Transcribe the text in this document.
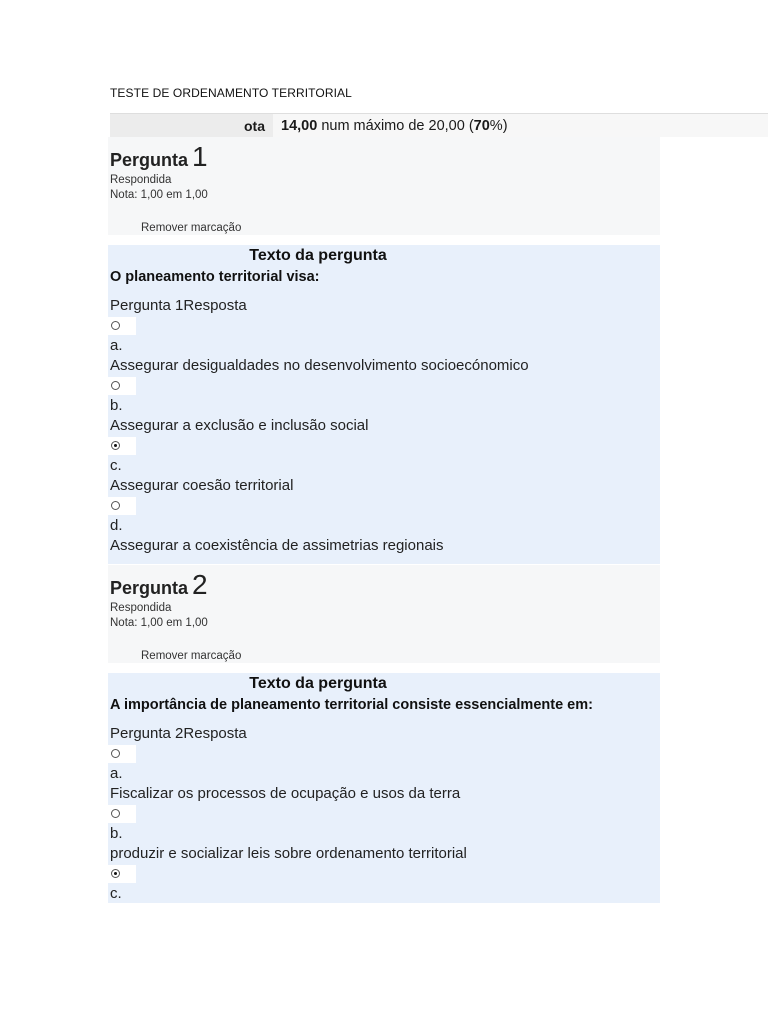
TESTE DE ORDENAMENTO TERRITORIAL
ota	14,00 num máximo de 20,00 (70%)
Pergunta 1
Respondida
Nota: 1,00 em 1,00
Remover marcação
Texto da pergunta
O planeamento territorial visa:
Pergunta 1Resposta
a.
Assegurar desigualdades no desenvolvimento socioecónomico
b.
Assegurar a exclusão e inclusão social
c.
Assegurar coesão territorial
d.
Assegurar a coexistência de assimetrias regionais
Pergunta 2
Respondida
Nota: 1,00 em 1,00
Remover marcação
Texto da pergunta
A importância de planeamento territorial consiste essencialmente em:
Pergunta 2Resposta
a.
Fiscalizar os processos de ocupação e usos da terra
b.
produzir e socializar leis sobre ordenamento territorial
c.
